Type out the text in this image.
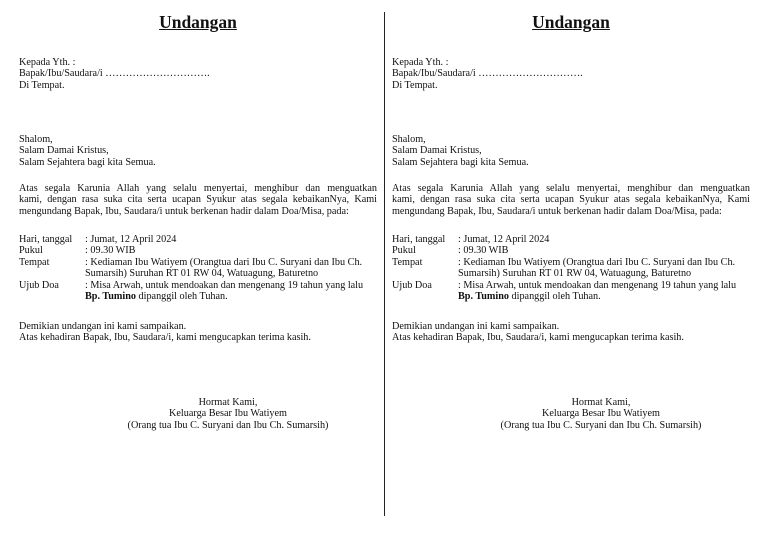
Undangan
Kepada Yth. :
Bapak/Ibu/Saudara/i ………………………….
Di Tempat.
Shalom,
Salam Damai Kristus,
Salam Sejahtera bagi kita Semua.
Atas segala Karunia Allah yang selalu menyertai, menghibur dan menguatkan
kami, dengan rasa suka cita serta ucapan Syukur atas segala kebaikanNya, Kami
mengundang Bapak, Ibu, Saudara/i untuk berkenan hadir dalam Doa/Misa, pada:
Hari, tanggal	: Jumat, 12 April 2024
Pukul	: 09.30 WIB
Tempat	: Kediaman Ibu Watiyem (Orangtua dari Ibu C. Suryani dan Ibu Ch. Sumarsih) Suruhan RT 01 RW 04, Watuagung, Baturetno
Ujub Doa	: Misa Arwah, untuk mendoakan dan mengenang 19 tahun yang lalu Bp. Tumino dipanggil oleh Tuhan.
Demikian undangan ini kami sampaikan.
Atas kehadiran Bapak, Ibu, Saudara/i, kami mengucapkan terima kasih.
Hormat Kami,
Keluarga Besar Ibu Watiyem
(Orang tua Ibu C. Suryani dan Ibu Ch. Sumarsih)
Undangan
Kepada Yth. :
Bapak/Ibu/Saudara/i ………………………….
Di Tempat.
Shalom,
Salam Damai Kristus,
Salam Sejahtera bagi kita Semua.
Atas segala Karunia Allah yang selalu menyertai, menghibur dan menguatkan
kami, dengan rasa suka cita serta ucapan Syukur atas segala kebaikanNya, Kami
mengundang Bapak, Ibu, Saudara/i untuk berkenan hadir dalam Doa/Misa, pada:
Hari, tanggal	: Jumat, 12 April 2024
Pukul	: 09.30 WIB
Tempat	: Kediaman Ibu Watiyem (Orangtua dari Ibu C. Suryani dan Ibu Ch. Sumarsih) Suruhan RT 01 RW 04, Watuagung, Baturetno
Ujub Doa	: Misa Arwah, untuk mendoakan dan mengenang 19 tahun yang lalu Bp. Tumino dipanggil oleh Tuhan.
Demikian undangan ini kami sampaikan.
Atas kehadiran Bapak, Ibu, Saudara/i, kami mengucapkan terima kasih.
Hormat Kami,
Keluarga Besar Ibu Watiyem
(Orang tua Ibu C. Suryani dan Ibu Ch. Sumarsih)
